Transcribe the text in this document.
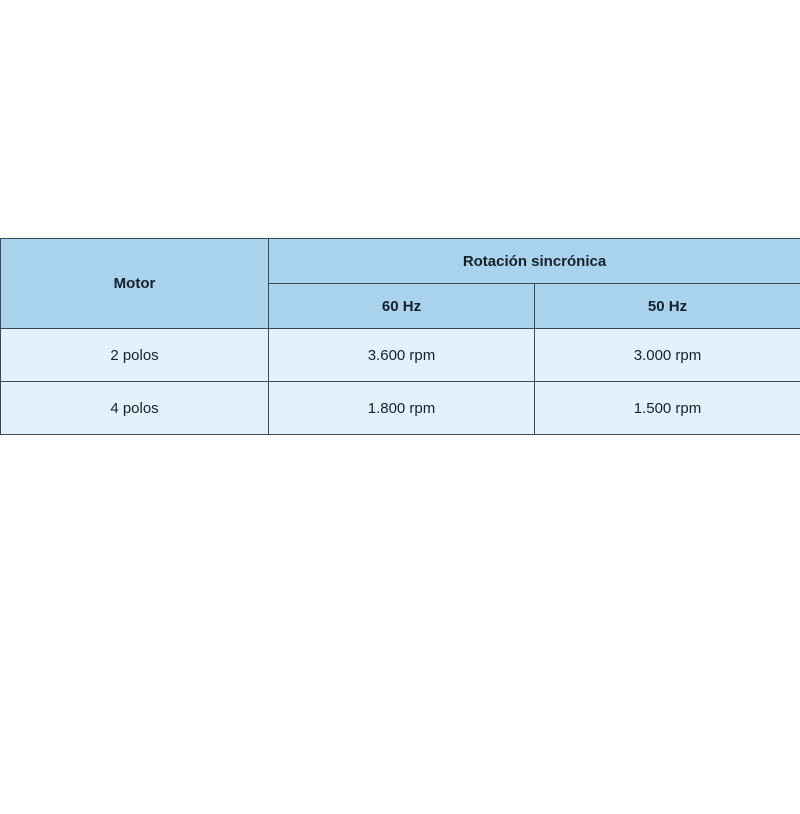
Motor	Rotación sincrónica	
	60 Hz	50 Hz
2 polos	3.600 rpm	3.000 rpm
4 polos	1.800 rpm	1.500 rpm
